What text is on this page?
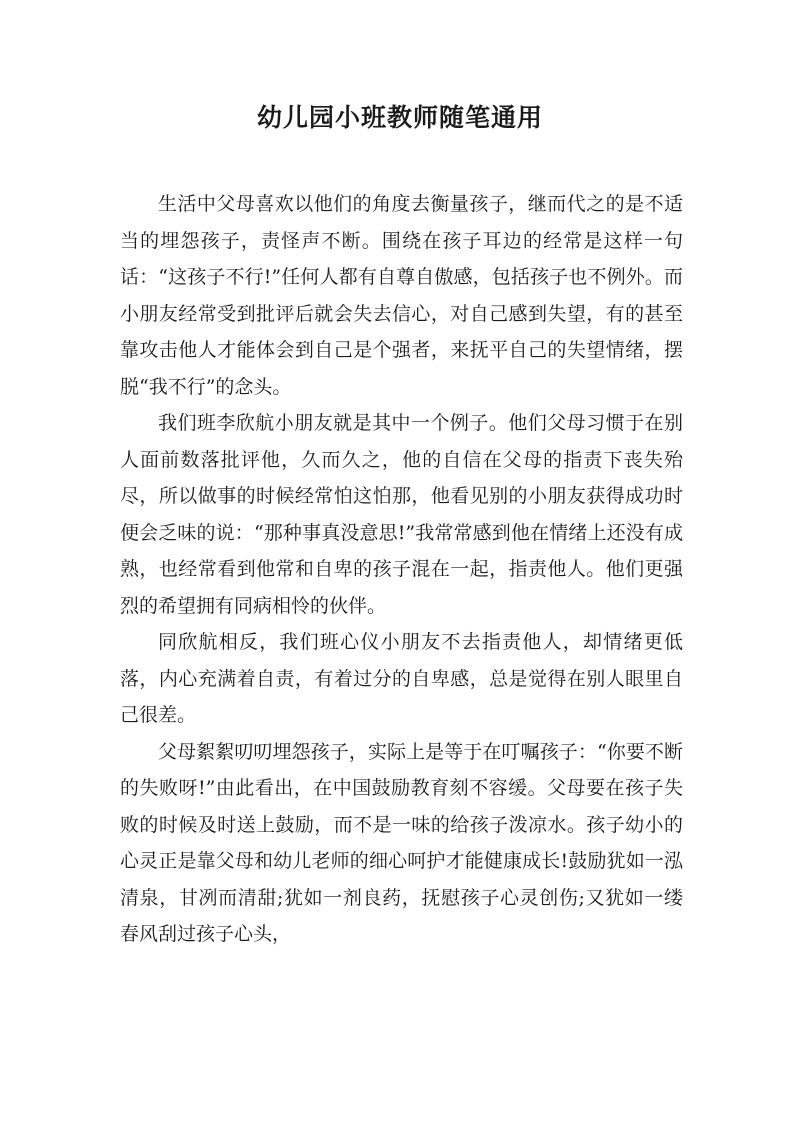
幼儿园小班教师随笔通用

生活中父母喜欢以他们的角度去衡量孩子，继而代之的是不适当的埋怨孩子，责怪声不断。围绕在孩子耳边的经常是这样一句话：“这孩子不行!”任何人都有自尊自傲感，包括孩子也不例外。而小朋友经常受到批评后就会失去信心，对自己感到失望，有的甚至靠攻击他人才能体会到自己是个强者，来抚平自己的失望情绪，摆脱“我不行”的念头。

我们班李欣航小朋友就是其中一个例子。他们父母习惯于在别人面前数落批评他，久而久之，他的自信在父母的指责下丧失殆尽，所以做事的时候经常怕这怕那，他看见别的小朋友获得成功时便会乏味的说：“那种事真没意思!”我常常感到他在情绪上还没有成熟，也经常看到他常和自卑的孩子混在一起，指责他人。他们更强烈的希望拥有同病相怜的伙伴。

同欣航相反，我们班心仪小朋友不去指责他人，却情绪更低落，内心充满着自责，有着过分的自卑感，总是觉得在别人眼里自己很差。

父母絮絮叨叨埋怨孩子，实际上是等于在叮嘱孩子：“你要不断的失败呀!”由此看出，在中国鼓励教育刻不容缓。父母要在孩子失败的时候及时送上鼓励，而不是一味的给孩子泼凉水。孩子幼小的心灵正是靠父母和幼儿老师的细心呵护才能健康成长!鼓励犹如一泓清泉，甘冽而清甜;犹如一剂良药，抚慰孩子心灵创伤;又犹如一缕春风刮过孩子心头，
